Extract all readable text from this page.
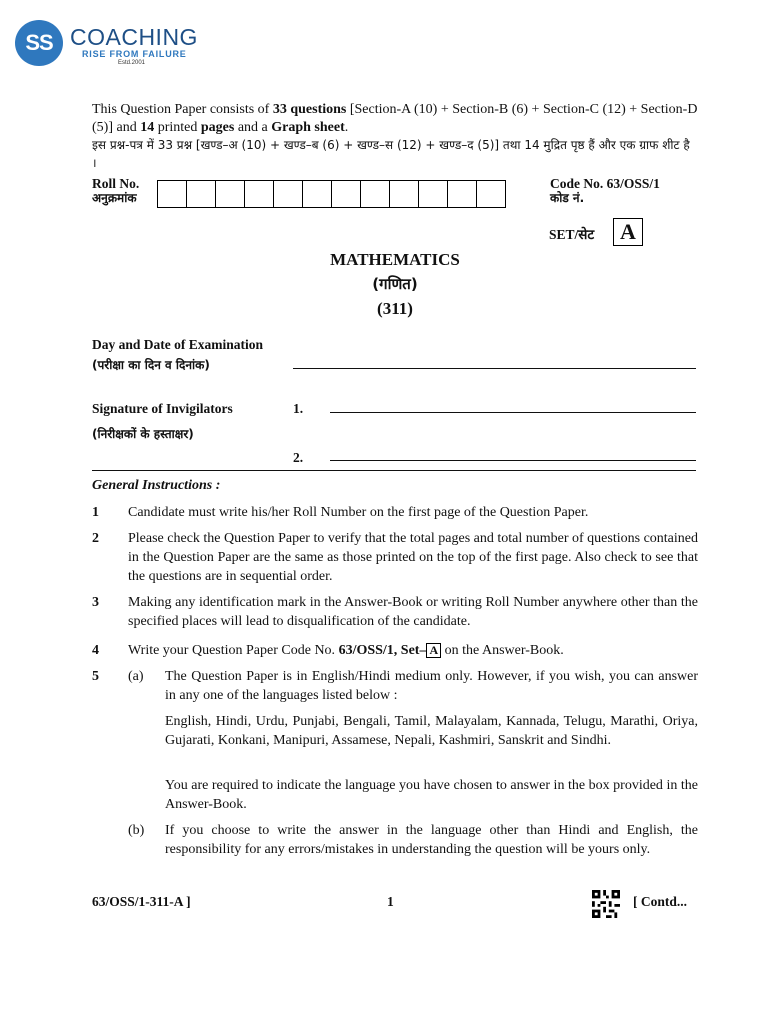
SS COACHING
RISE FROM FAILURE
Estd.2001
This Question Paper consists of 33 questions [Section-A (10) + Section-B (6) + Section-C (12) + Section-D (5)] and 14 printed pages and a Graph sheet.
इस प्रश्न-पत्र में 33 प्रश्न [खण्ड–अ (10) + खण्ड–ब (6) + खण्ड–स (12) + खण्ड–द (5)] तथा 14 मुद्रित पृष्ठ हैं और एक ग्राफ शीट है ।
Roll No.
अनुक्रमांक
Code No. 63/OSS/1
कोड नं.
SET/सेट	A
MATHEMATICS
(गणित)
(311)
Day and Date of Examination
(परीक्षा का दिन व दिनांक)
Signature of Invigilators
(निरीक्षकों के हस्ताक्षर)
1.
2.
General Instructions :
1 Candidate must write his/her Roll Number on the first page of the Question Paper.
2 Please check the Question Paper to verify that the total pages and total number of questions contained in the Question Paper are the same as those printed on the top of the first page. Also check to see that the questions are in sequential order.
3 Making any identification mark in the Answer-Book or writing Roll Number anywhere other than the specified places will lead to disqualification of the candidate.
4 Write your Question Paper Code No. 63/OSS/1, Set– A on the Answer-Book.
5 (a) The Question Paper is in English/Hindi medium only. However, if you wish, you can answer in any one of the languages listed below :
English, Hindi, Urdu, Punjabi, Bengali, Tamil, Malayalam, Kannada, Telugu, Marathi, Oriya, Gujarati, Konkani, Manipuri, Assamese, Nepali, Kashmiri, Sanskrit and Sindhi.
You are required to indicate the language you have chosen to answer in the box provided in the Answer-Book.
(b) If you choose to write the answer in the language other than Hindi and English, the responsibility for any errors/mistakes in understanding the question will be yours only.
63/OSS/1-311-A ]	1	[ Contd...
